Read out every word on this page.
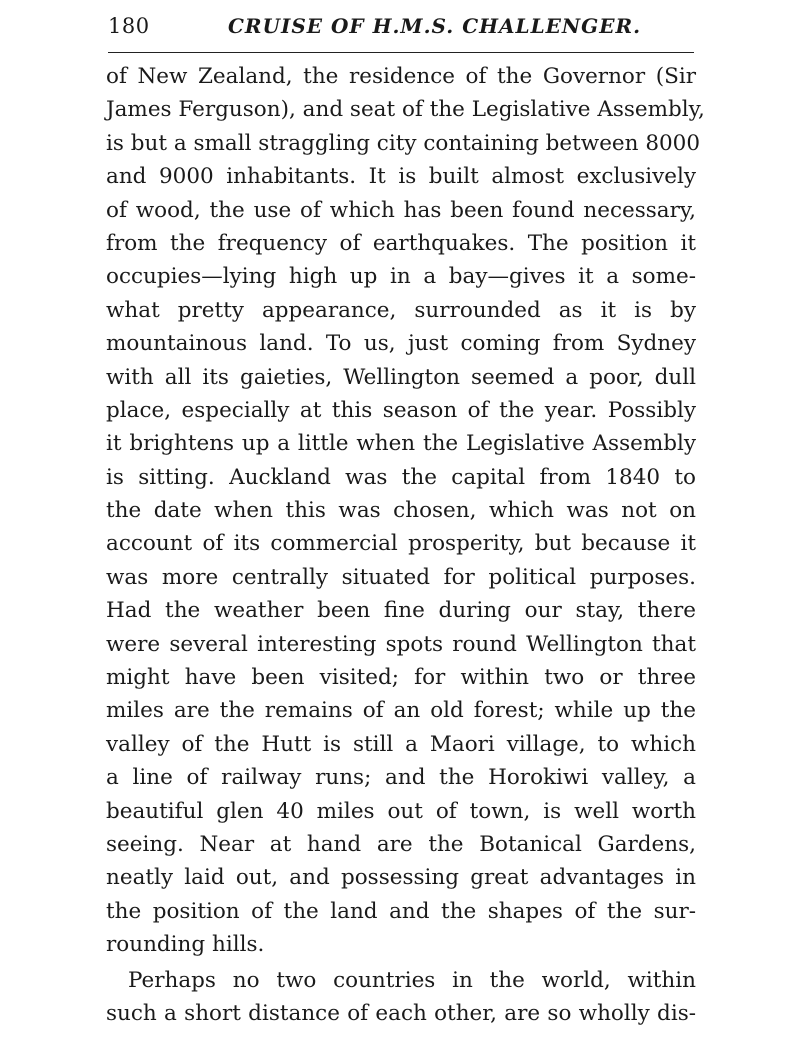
180	CRUISE OF H.M.S. CHALLENGER.
of New Zealand, the residence of the Governor (Sir
James Ferguson), and seat of the Legislative Assembly,
is but a small straggling city containing between 8000
and 9000 inhabitants. It is built almost exclusively
of wood, the use of which has been found necessary,
from the frequency of earthquakes. The position it
occupies—lying high up in a bay—gives it a some-
what pretty appearance, surrounded as it is by
mountainous land. To us, just coming from Sydney
with all its gaieties, Wellington seemed a poor, dull
place, especially at this season of the year. Possibly
it brightens up a little when the Legislative Assembly
is sitting. Auckland was the capital from 1840 to
the date when this was chosen, which was not on
account of its commercial prosperity, but because it
was more centrally situated for political purposes.
Had the weather been fine during our stay, there
were several interesting spots round Wellington that
might have been visited; for within two or three
miles are the remains of an old forest; while up the
valley of the Hutt is still a Maori village, to which
a line of railway runs; and the Horokiwi valley, a
beautiful glen 40 miles out of town, is well worth
seeing. Near at hand are the Botanical Gardens,
neatly laid out, and possessing great advantages in
the position of the land and the shapes of the sur-
rounding hills.
Perhaps no two countries in the world, within
such a short distance of each other, are so wholly dis-
